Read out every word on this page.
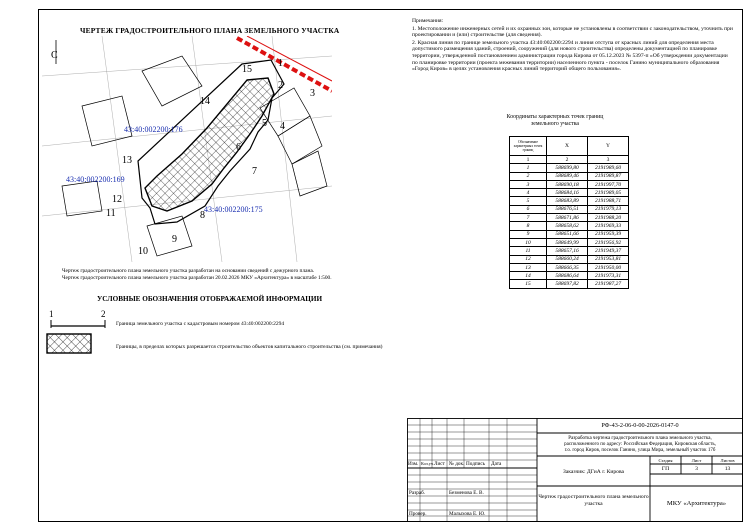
ЧЕРТЕЖ ГРАДОСТРОИТЕЛЬНОГО ПЛАНА ЗЕМЕЛЬНОГО УЧАСТКА
15
1
2
3
4
5
6
7
8
9
10
11
12
13
14
43:40:002200:176
43:40:002200:169
43:40:002200:175
С
Примечания:
1. Местоположение инженерных сетей и их охранных зон, которые не установлены в соответствии с законодательством, уточнить при проектировании и (или) строительстве (для сведения).
2. Красная линия по границе земельного участка 43:40:002200:2294 и линия отступа от красных линий для определения места допустимого размещения зданий, строений, сооружений (для нового строительства) определены документацией по планировке территории, утвержденной постановлением администрации города Кирова от 05.12.2023 № 5397-п «Об утверждении документации по планировке территории (проекта межевания территории) населенного пункта - поселок Ганино муниципального образования «Город Киров» в целях установления красных линий территорий общего пользования».
Координаты характерных точек границ
земельного участка
Обозначение характерных точек границ	X	Y
1	2	3
1	588699,80	2191989,60
2	588689,46	2191989,87
3	588690,18	2191997,70
4	588684,16	2191989,05
5	588683,89	2191988,71
6	588676,51	2191979,13
7	588671,86	2191988,20
8	588658,62	2191969,33
9	588651,66	2191959,39
10	588649,99	2191956,92
11	588657,16	2191949,37
12	588660,24	2191953,81
13	588666,35	2191950,00
14	588686,64	2191973,31
15	588697,82	2191987,27
Чертеж градостроительного плана земельного участка разработан на основании сведений с дежурного плана.
Чертеж градостроительного плана земельного участка разработан 20.02.2026 МКУ «Архитектура» в масштабе 1:500.
УСЛОВНЫЕ ОБОЗНАЧЕНИЯ ОТОБРАЖАЕМОЙ ИНФОРМАЦИИ
1	2
Граница земельного участка с кадастровым номером 43:40:002200:2294
Границы, в пределах которых разрешается строительство объектов капитального строительства (см. примечания)
Изм. Кол.уч. Лист № док. Подпись Дата
Разраб.	Безменова Е. В.
Провер.	Малыхова Е. Ю.
РФ-43-2-06-0-00-2026-0147-0
Разработка чертежа градостроительного плана земельного участка,
расположенного по адресу: Российская Федерация, Кировская область,
г.о. город Киров, поселок Ганино, улица Мира, земельный участок 17б
Заказчик: ДГиА г. Кирова
Стадия	Лист	Листов
ГП	3	13
Чертеж градостроительного плана земельного участка	МКУ «Архитектура»
